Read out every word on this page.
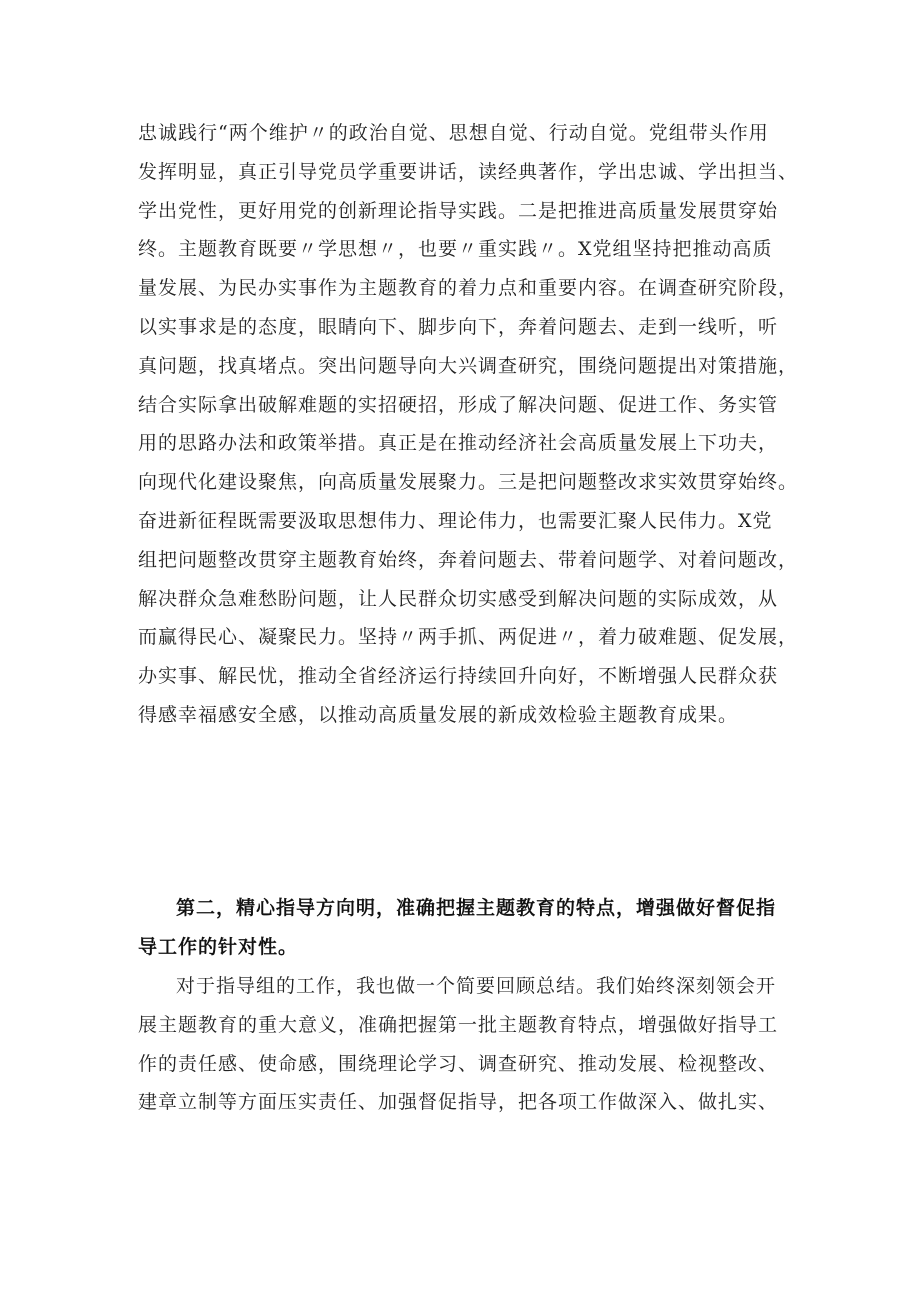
忠诚践行“两个维护〃的政治自觉、思想自觉、行动自觉。党组带头作用
发挥明显，真正引导党员学重要讲话，读经典著作，学出忠诚、学出担当、
学出党性，更好用党的创新理论指导实践。二是把推进高质量发展贯穿始
终。主题教育既要〃学思想〃，也要〃重实践〃。X党组坚持把推动高质
量发展、为民办实事作为主题教育的着力点和重要内容。在调查研究阶段，
以实事求是的态度，眼睛向下、脚步向下，奔着问题去、走到一线听，听
真问题，找真堵点。突出问题导向大兴调查研究，围绕问题提出对策措施，
结合实际拿出破解难题的实招硬招，形成了解决问题、促进工作、务实管
用的思路办法和政策举措。真正是在推动经济社会高质量发展上下功夫，
向现代化建设聚焦，向高质量发展聚力。三是把问题整改求实效贯穿始终。
奋进新征程既需要汲取思想伟力、理论伟力，也需要汇聚人民伟力。X党
组把问题整改贯穿主题教育始终，奔着问题去、带着问题学、对着问题改，
解决群众急难愁盼问题，让人民群众切实感受到解决问题的实际成效，从
而赢得民心、凝聚民力。坚持〃两手抓、两促进〃，着力破难题、促发展，
办实事、解民忧，推动全省经济运行持续回升向好，不断增强人民群众获
得感幸福感安全感，以推动高质量发展的新成效检验主题教育成果。
第二，精心指导方向明，准确把握主题教育的特点，增强做好督促指
导工作的针对性。
对于指导组的工作，我也做一个简要回顾总结。我们始终深刻领会开
展主题教育的重大意义，准确把握第一批主题教育特点，增强做好指导工
作的责任感、使命感，围绕理论学习、调查研究、推动发展、检视整改、
建章立制等方面压实责任、加强督促指导，把各项工作做深入、做扎实、
